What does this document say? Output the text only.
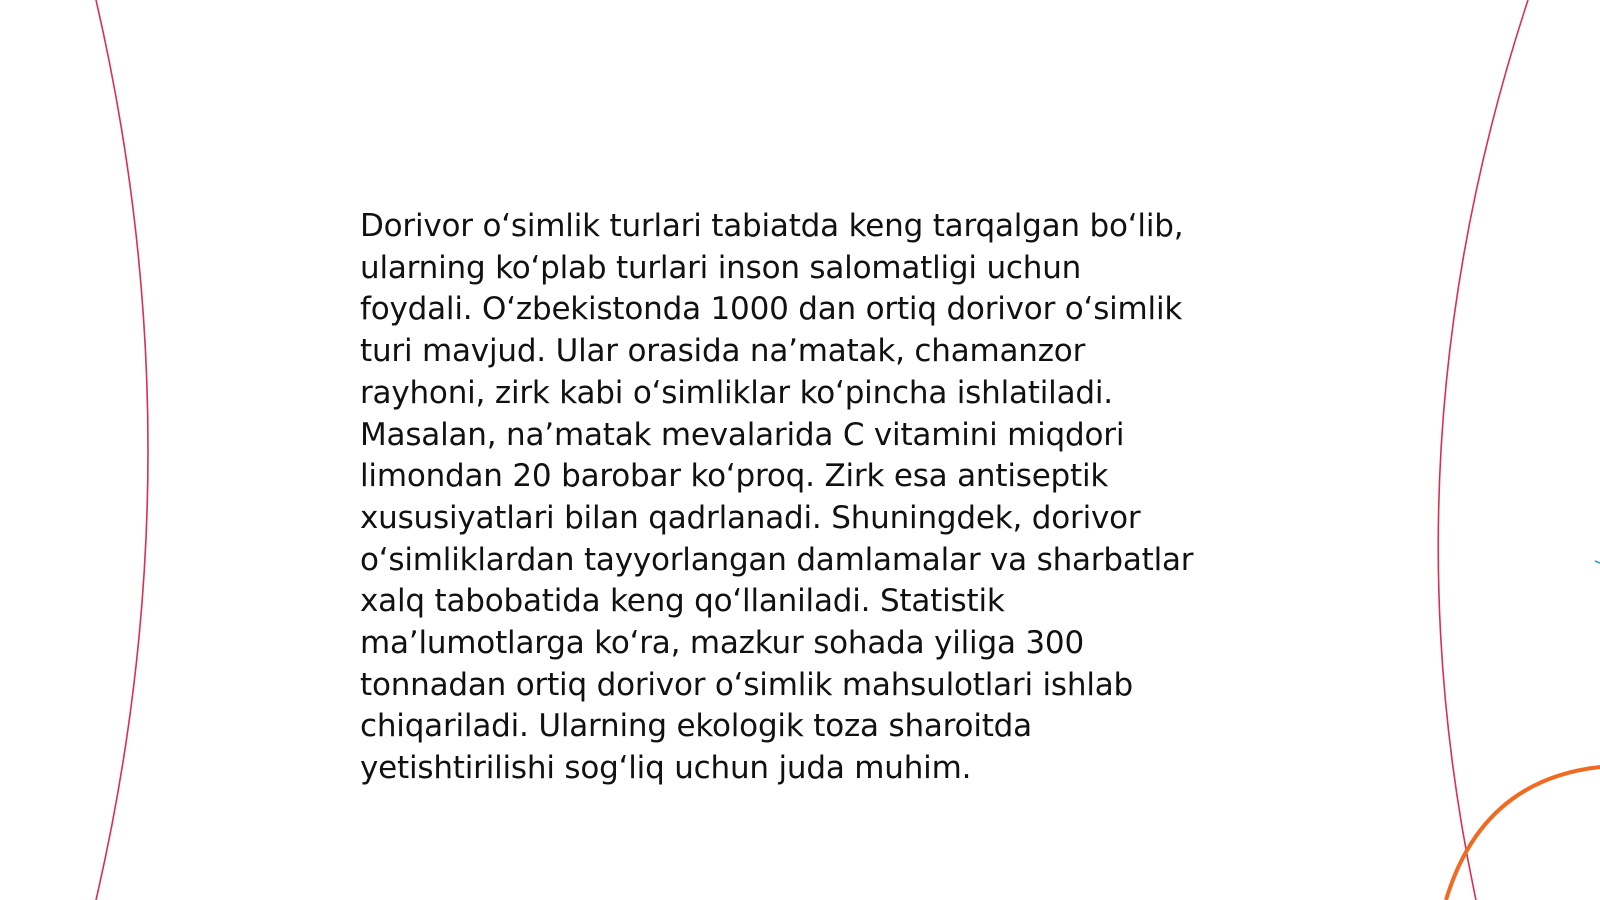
Dorivor o‘simlik turlari tabiatda keng tarqalgan bo‘lib,
ularning ko‘plab turlari inson salomatligi uchun
foydali. O‘zbekistonda 1000 dan ortiq dorivor o‘simlik
turi mavjud. Ular orasida na’matak, chamanzor
rayhoni, zirk kabi o‘simliklar ko‘pincha ishlatiladi.
Masalan, na’matak mevalarida C vitamini miqdori
limondan 20 barobar ko‘proq. Zirk esa antiseptik
xususiyatlari bilan qadrlanadi. Shuningdek, dorivor
o‘simliklardan tayyorlangan damlamalar va sharbatlar
xalq tabobatida keng qo‘llaniladi. Statistik
ma’lumotlarga ko‘ra, mazkur sohada yiliga 300
tonnadan ortiq dorivor o‘simlik mahsulotlari ishlab
chiqariladi. Ularning ekologik toza sharoitda
yetishtirilishi sog‘liq uchun juda muhim.
